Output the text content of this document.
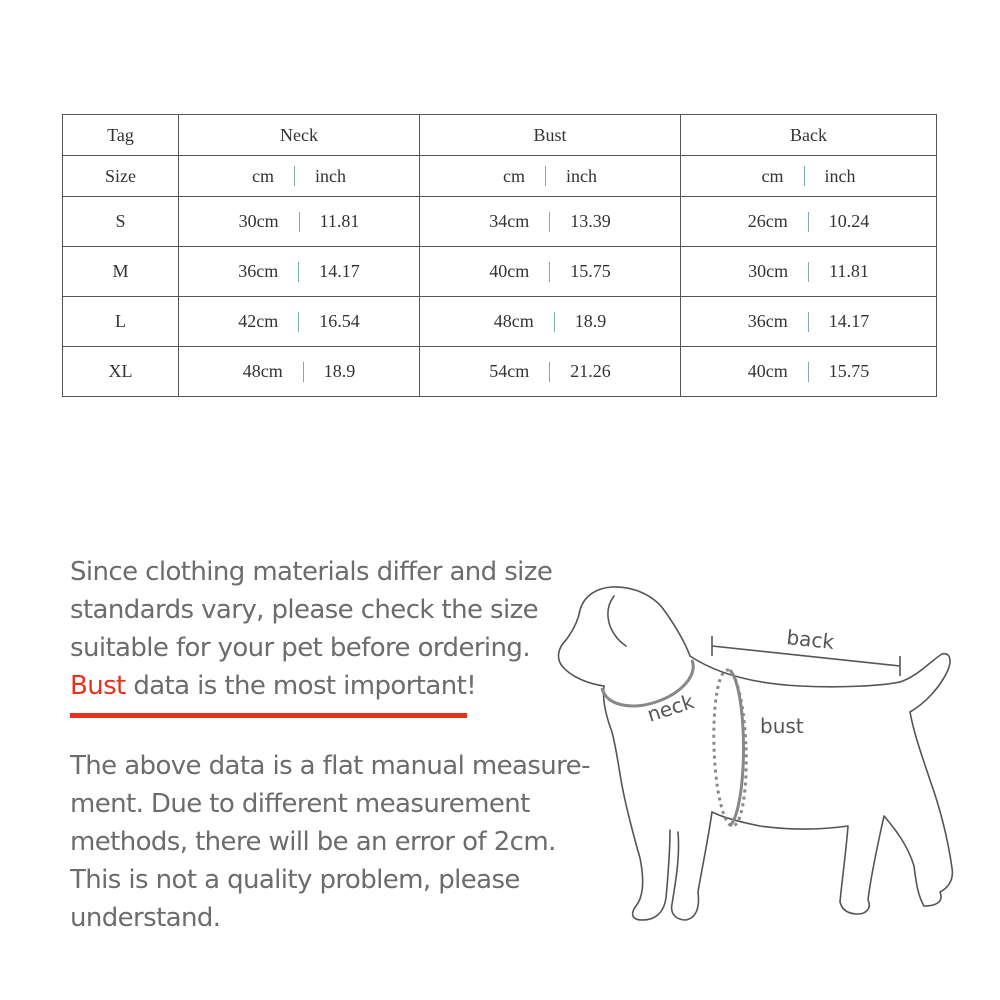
Tag	Neck	Bust	Back
Size	cm inch	cm inch	cm inch

S	30cm 11.81	34cm 13.39	26cm 10.24

M	36cm 14.17	40cm 15.75	30cm 11.81

L	42cm 16.54	48cm 18.9	36cm 14.17

XL	48cm 18.9	54cm 21.26	40cm 15.75

Since clothing materials differ and size

standards vary, please check the size

suitable for your pet before ordering.

Bust data is the most important!

The above data is a flat manual measure-

ment. Due to different measurement

methods, there will be an error of 2cm.

This is not a quality problem, please

understand.

back
neck	bust
